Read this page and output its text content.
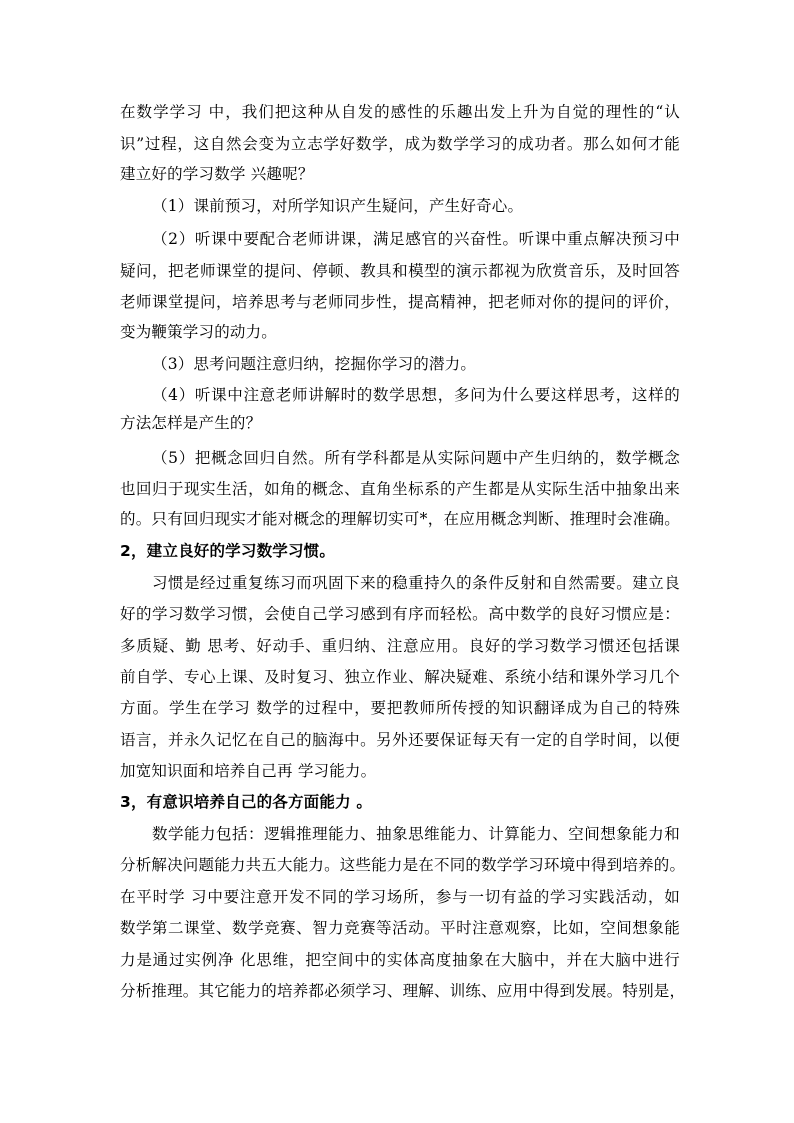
在数学学习 中，我们把这种从自发的感性的乐趣出发上升为自觉的理性的“认
识”过程，这自然会变为立志学好数学，成为数学学习的成功者。那么如何才能
建立好的学习数学 兴趣呢？
（1）课前预习，对所学知识产生疑问，产生好奇心。
（2）听课中要配合老师讲课，满足感官的兴奋性。听课中重点解决预习中
疑问，把老师课堂的提问、停顿、教具和模型的演示都视为欣赏音乐，及时回答
老师课堂提问，培养思考与老师同步性，提高精神，把老师对你的提问的评价，
变为鞭策学习的动力。
（3）思考问题注意归纳，挖掘你学习的潜力。
（4）听课中注意老师讲解时的数学思想，多问为什么要这样思考，这样的
方法怎样是产生的？
（5）把概念回归自然。所有学科都是从实际问题中产生归纳的，数学概念
也回归于现实生活，如角的概念、直角坐标系的产生都是从实际生活中抽象出来
的。只有回归现实才能对概念的理解切实可*，在应用概念判断、推理时会准确。
2，建立良好的学习数学习惯。
习惯是经过重复练习而巩固下来的稳重持久的条件反射和自然需要。建立良
好的学习数学习惯，会使自己学习感到有序而轻松。高中数学的良好习惯应是：
多质疑、勤 思考、好动手、重归纳、注意应用。良好的学习数学习惯还包括课
前自学、专心上课、及时复习、独立作业、解决疑难、系统小结和课外学习几个
方面。学生在学习 数学的过程中，要把教师所传授的知识翻译成为自己的特殊
语言，并永久记忆在自己的脑海中。另外还要保证每天有一定的自学时间，以便
加宽知识面和培养自己再 学习能力。
3，有意识培养自己的各方面能力 。
数学能力包括：逻辑推理能力、抽象思维能力、计算能力、空间想象能力和
分析解决问题能力共五大能力。这些能力是在不同的数学学习环境中得到培养的。
在平时学 习中要注意开发不同的学习场所，参与一切有益的学习实践活动，如
数学第二课堂、数学竞赛、智力竞赛等活动。平时注意观察，比如，空间想象能
力是通过实例净 化思维，把空间中的实体高度抽象在大脑中，并在大脑中进行
分析推理。其它能力的培养都必须学习、理解、训练、应用中得到发展。特别是，
